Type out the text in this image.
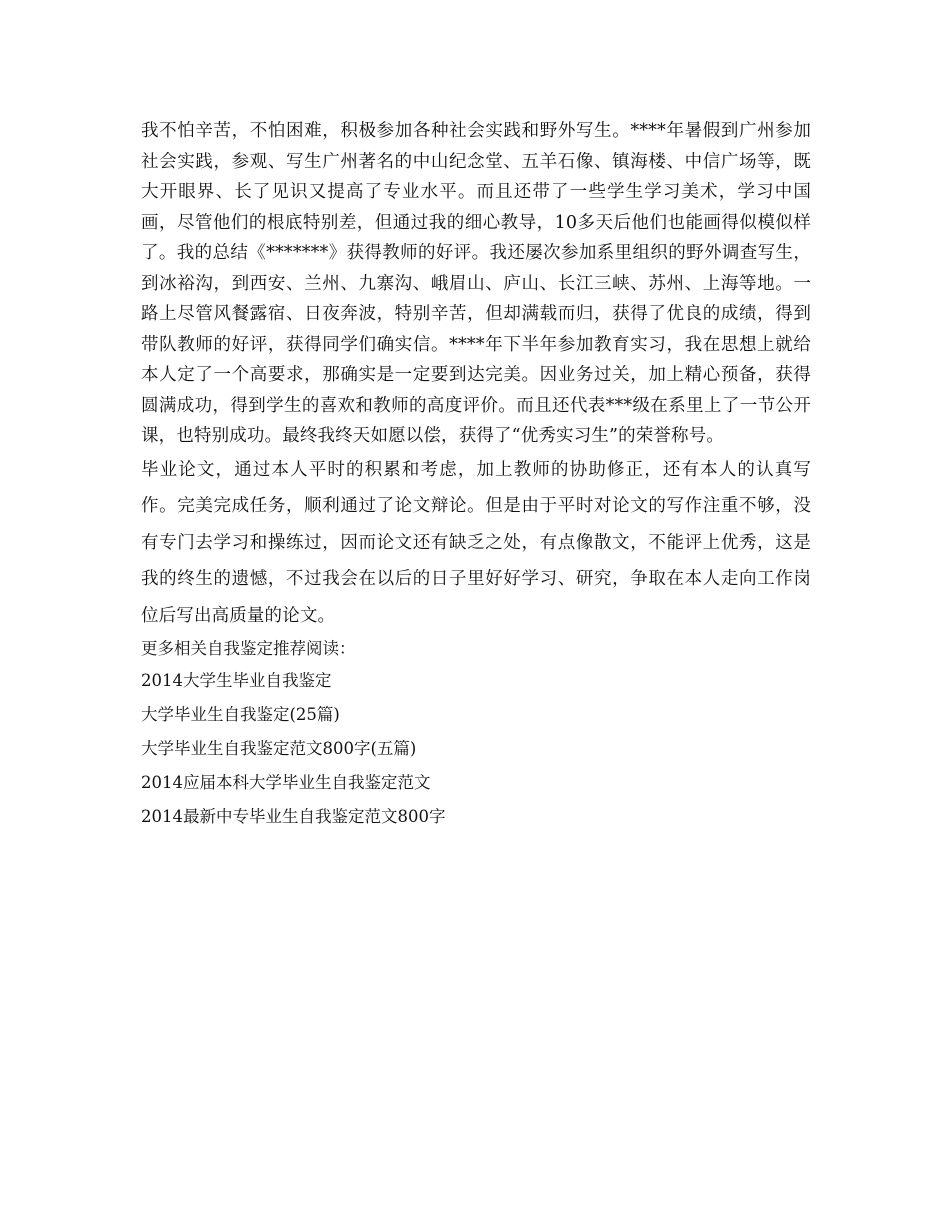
我不怕辛苦，不怕困难，积极参加各种社会实践和野外写生。****年暑假到广州参加社会实践，参观、写生广州著名的中山纪念堂、五羊石像、镇海楼、中信广场等，既大开眼界、长了见识又提高了专业水平。而且还带了一些学生学习美术，学习中国画，尽管他们的根底特别差，但通过我的细心教导，10多天后他们也能画得似模似样了。我的总结《*******》获得教师的好评。我还屡次参加系里组织的野外调查写生，到冰裕沟，到西安、兰州、九寨沟、峨眉山、庐山、长江三峡、苏州、上海等地。一路上尽管风餐露宿、日夜奔波，特别辛苦，但却满载而归，获得了优良的成绩，得到带队教师的好评，获得同学们确实信。****年下半年参加教育实习，我在思想上就给本人定了一个高要求，那确实是一定要到达完美。因业务过关，加上精心预备，获得圆满成功，得到学生的喜欢和教师的高度评价。而且还代表***级在系里上了一节公开课，也特别成功。最终我终天如愿以偿，获得了“优秀实习生”的荣誉称号。

毕业论文，通过本人平时的积累和考虑，加上教师的协助修正，还有本人的认真写作。完美完成任务，顺利通过了论文辩论。但是由于平时对论文的写作注重不够，没有专门去学习和操练过，因而论文还有缺乏之处，有点像散文，不能评上优秀，这是我的终生的遗憾，不过我会在以后的日子里好好学习、研究，争取在本人走向工作岗位后写出高质量的论文。

更多相关自我鉴定推荐阅读：

2014大学生毕业自我鉴定
大学毕业生自我鉴定(25篇)
大学毕业生自我鉴定范文800字(五篇)
2014应届本科大学毕业生自我鉴定范文
2014最新中专毕业生自我鉴定范文800字
